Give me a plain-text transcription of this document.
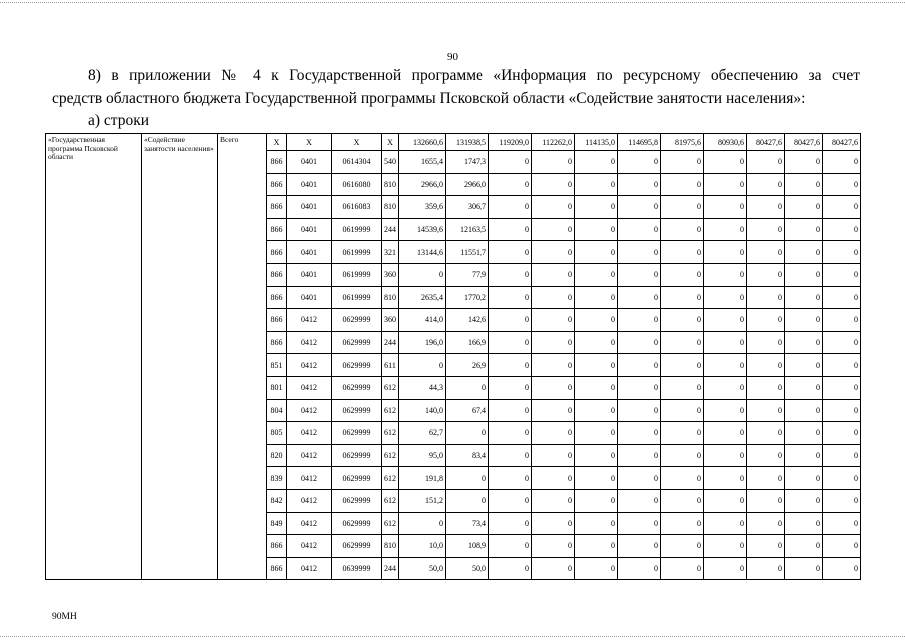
90
8) в приложении № 4 к Государственной программе «Информация по ресурсному обеспечению за счет
средств областного бюджета Государственной программы Псковской области «Содействие занятости населения»:
а) строки
«Государственная программа Псковской области	«Содействие занятости населения»	Всего	X	X	X	X	132660,6	131938,5	119209,0	112262,0	114135,0	114695,8	81975,6	80930,6	80427,6	80427,6	80427,6
			866	0401	0614304	540	1655,4	1747,3	0	0	0	0	0	0	0	0	0
			866	0401	0616080	810	2966,0	2966,0	0	0	0	0	0	0	0	0	0
			866	0401	0616083	810	359,6	306,7	0	0	0	0	0	0	0	0	0
			866	0401	0619999	244	14539,6	12163,5	0	0	0	0	0	0	0	0	0
			866	0401	0619999	321	13144,6	11551,7	0	0	0	0	0	0	0	0	0
			866	0401	0619999	360	0	77,9	0	0	0	0	0	0	0	0	0
			866	0401	0619999	810	2635,4	1770,2	0	0	0	0	0	0	0	0	0
			866	0412	0629999	360	414,0	142,6	0	0	0	0	0	0	0	0	0
			866	0412	0629999	244	196,0	166,9	0	0	0	0	0	0	0	0	0
			851	0412	0629999	611	0	26,9	0	0	0	0	0	0	0	0	0
			801	0412	0629999	612	44,3	0	0	0	0	0	0	0	0	0	0
			804	0412	0629999	612	140,0	67,4	0	0	0	0	0	0	0	0	0
			805	0412	0629999	612	62,7	0	0	0	0	0	0	0	0	0	0
			820	0412	0629999	612	95,0	83,4	0	0	0	0	0	0	0	0	0
			839	0412	0629999	612	191,8	0	0	0	0	0	0	0	0	0	0
			842	0412	0629999	612	151,2	0	0	0	0	0	0	0	0	0	0
			849	0412	0629999	612	0	73,4	0	0	0	0	0	0	0	0	0
			866	0412	0629999	810	10,0	108,9	0	0	0	0	0	0	0	0	0
			866	0412	0639999	244	50,0	50,0	0	0	0	0	0	0	0	0	0
90МН
